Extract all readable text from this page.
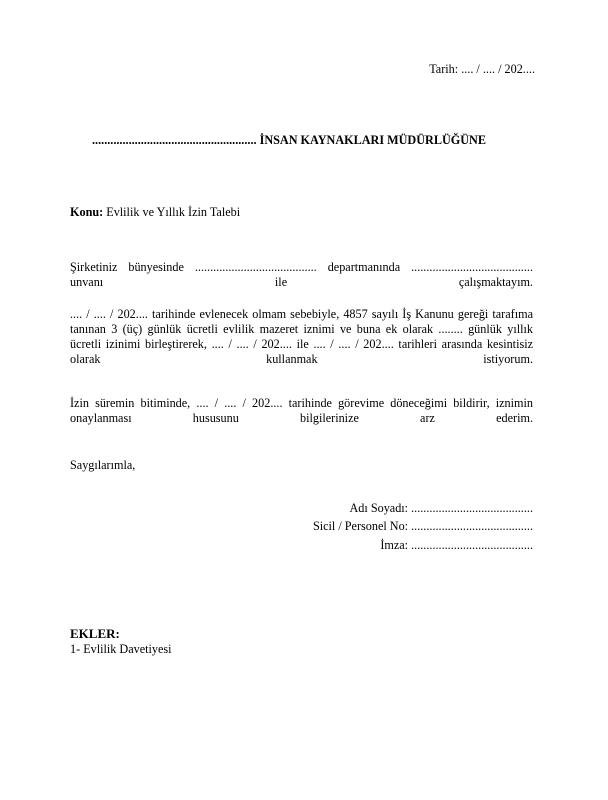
Tarih: .... / .... / 202....
...................................................... İNSAN KAYNAKLARI MÜDÜRLÜĞÜNE
Konu: Evlilik ve Yıllık İzin Talebi
Şirketiniz bünyesinde ........................................ departmanında ........................................
unvanı	ile	çalışmaktayım.
.... / .... / 202.... tarihinde evlenecek olmam sebebiyle, 4857 sayılı İş Kanunu gereği tarafıma
tanınan 3 (üç) günlük ücretli evlilik mazeret iznimi ve buna ek olarak ........ günlük yıllık
ücretli izinimi birleştirerek, .... / .... / 202.... ile .... / .... / 202.... tarihleri arasında kesintisiz
olarak	kullanmak	istiyorum.
İzin süremin bitiminde, .... / .... / 202.... tarihinde görevime döneceğimi bildirir, iznimin
onaylanması hususunu bilgilerinize arz ederim.
Saygılarımla,
Adı Soyadı: ........................................
Sicil / Personel No: ........................................
İmza: ........................................
EKLER:
1- Evlilik Davetiyesi
